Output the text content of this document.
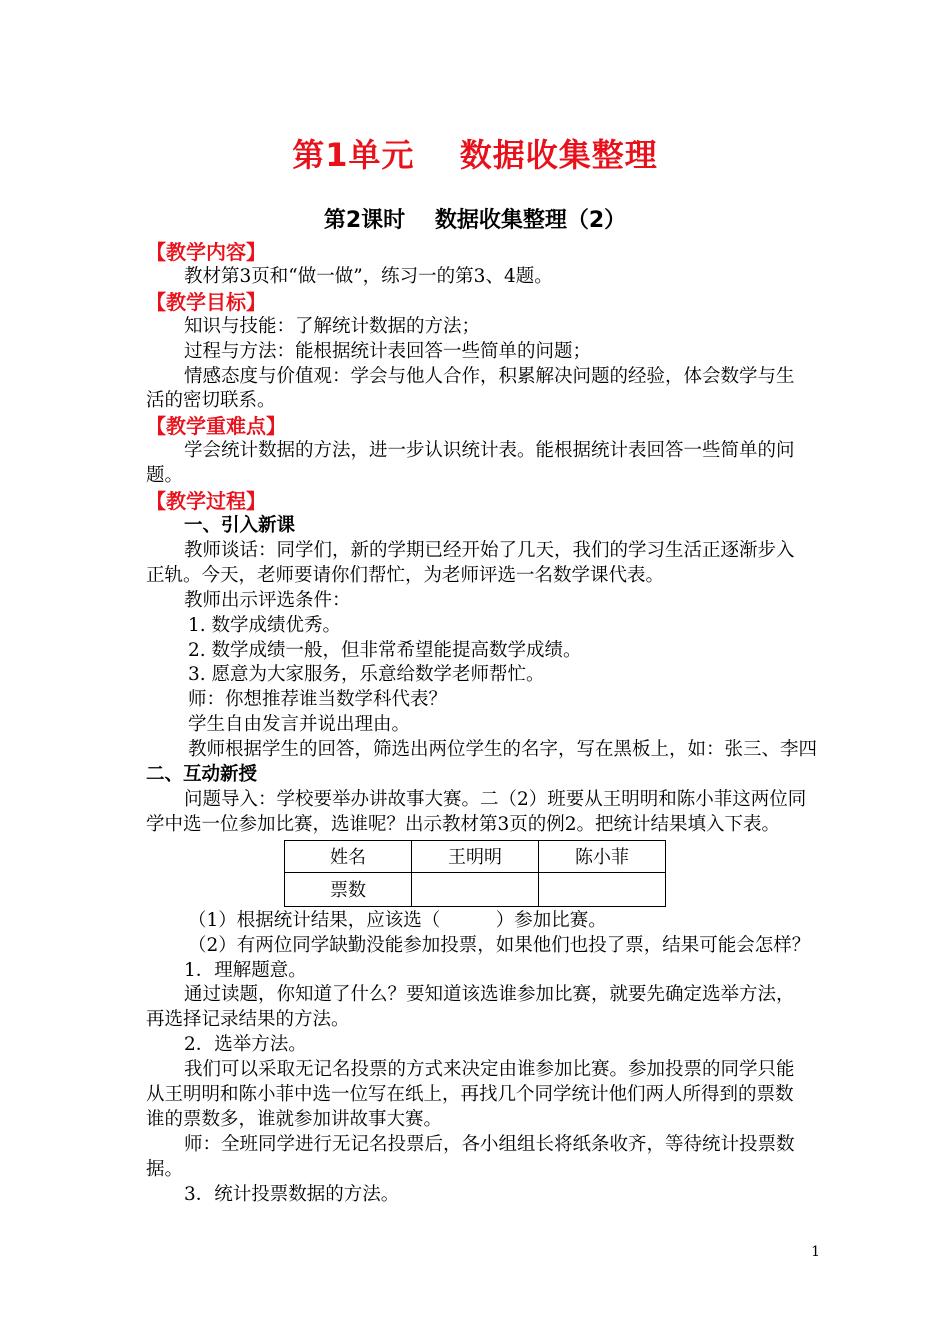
第1单元　 数据收集整理
第2课时　 数据收集整理（2）
【教学内容】
教材第3页和“做一做”，练习一的第3、4题。
【教学目标】
知识与技能：了解统计数据的方法；
过程与方法：能根据统计表回答一些简单的问题；
情感态度与价值观：学会与他人合作，积累解决问题的经验，体会数学与生
活的密切联系。
【教学重难点】
学会统计数据的方法，进一步认识统计表。能根据统计表回答一些简单的问
题。
【教学过程】
一、引入新课
教师谈话：同学们，新的学期已经开始了几天，我们的学习生活正逐渐步入
正轨。今天，老师要请你们帮忙，为老师评选一名数学课代表。
教师出示评选条件：
1. 数学成绩优秀。
2. 数学成绩一般，但非常希望能提高数学成绩。
3. 愿意为大家服务，乐意给数学老师帮忙。
师：你想推荐谁当数学科代表？
学生自由发言并说出理由。
教师根据学生的回答，筛选出两位学生的名字，写在黑板上，如：张三、李四
二、互动新授
问题导入：学校要举办讲故事大赛。二（2）班要从王明明和陈小菲这两位同
学中选一位参加比赛，选谁呢？出示教材第3页的例2。把统计结果填入下表。
姓名	王明明	陈小菲
票数		
（1）根据统计结果，应该选（　　　）参加比赛。
（2）有两位同学缺勤没能参加投票，如果他们也投了票，结果可能会怎样？
1．理解题意。
通过读题，你知道了什么？要知道该选谁参加比赛，就要先确定选举方法，
再选择记录结果的方法。
2．选举方法。
我们可以采取无记名投票的方式来决定由谁参加比赛。参加投票的同学只能
从王明明和陈小菲中选一位写在纸上，再找几个同学统计他们两人所得到的票数
谁的票数多，谁就参加讲故事大赛。
师：全班同学进行无记名投票后，各小组组长将纸条收齐，等待统计投票数
据。
3．统计投票数据的方法。
1
